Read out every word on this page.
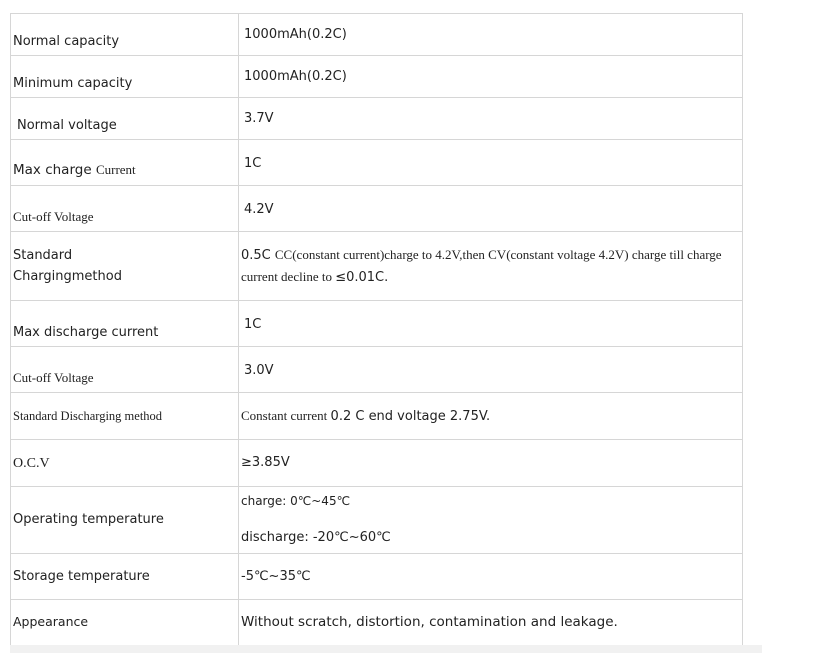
Normal capacity	1000mAh(0.2C)
Minimum capacity	1000mAh(0.2C)
Normal voltage	3.7V
Max charge Current	1C
Cut-off Voltage	4.2V

Standard
Chargingmethod	0.5C CC(constant current)charge to 4.2V,then CV(constant voltage 4.2V) charge till charge current decline to ≤0.01C.
Max discharge current	1C
Cut-off Voltage	3.0V
Standard Discharging method	Constant current 0.2 C end voltage 2.75V.
O.C.V	≥3.85V
Operating temperature	charge: 0℃~45℃
discharge: -20℃~60℃

Storage temperature	-5℃~35℃
Appearance	Without scratch, distortion, contamination and leakage.
